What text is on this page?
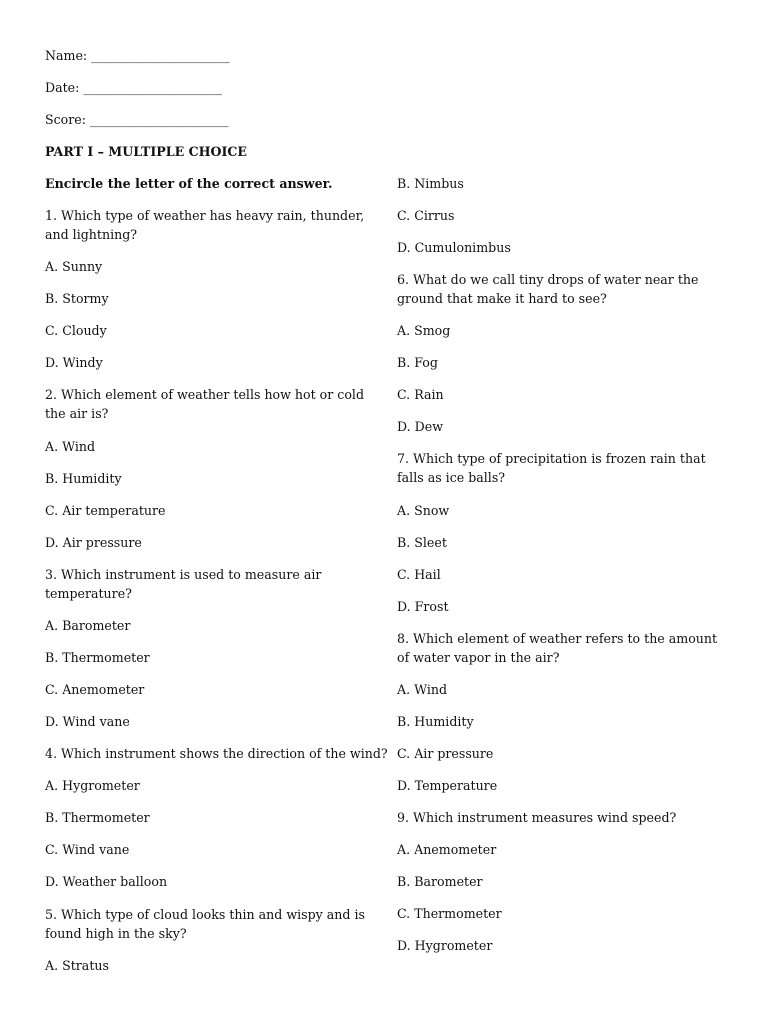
Name: ______________________
Date: ______________________
Score: ______________________
PART I – MULTIPLE CHOICE
Encircle the letter of the correct answer.
1. Which type of weather has heavy rain, thunder, and lightning?
A. Sunny
B. Stormy
C. Cloudy
D. Windy
2. Which element of weather tells how hot or cold the air is?
A. Wind
B. Humidity
C. Air temperature
D. Air pressure
3. Which instrument is used to measure air temperature?
A. Barometer
B. Thermometer
C. Anemometer
D. Wind vane
4. Which instrument shows the direction of the wind?
A. Hygrometer
B. Thermometer
C. Wind vane
D. Weather balloon
5. Which type of cloud looks thin and wispy and is found high in the sky?
A. Stratus
B. Nimbus
C. Cirrus
D. Cumulonimbus
6. What do we call tiny drops of water near the ground that make it hard to see?
A. Smog
B. Fog
C. Rain
D. Dew
7. Which type of precipitation is frozen rain that falls as ice balls?
A. Snow
B. Sleet
C. Hail
D. Frost
8. Which element of weather refers to the amount of water vapor in the air?
A. Wind
B. Humidity
C. Air pressure
D. Temperature
9. Which instrument measures wind speed?
A. Anemometer
B. Barometer
C. Thermometer
D. Hygrometer
